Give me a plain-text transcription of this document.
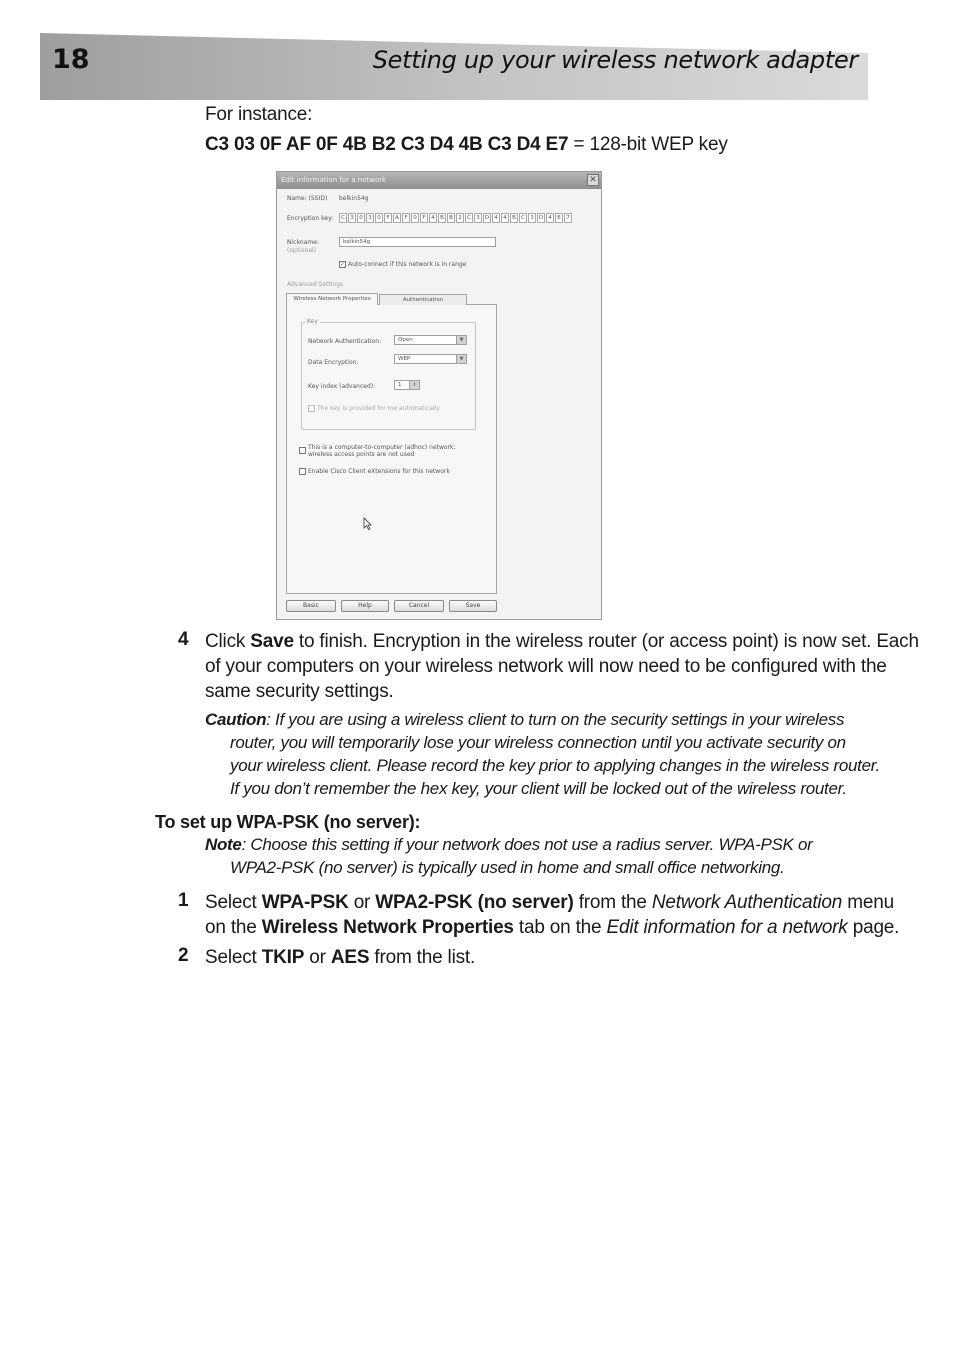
18	Setting up your wireless network adapter
For instance:
C3 03 0F AF 0F 4B B2 C3 D4 4B C3 D4 E7 = 128-bit WEP key
Edit information for a network	✕
Name: (SSID) belkin54g
Encryption key:	C 3	0	3	0	F	A	F	0	F	4 B B 2 C 3 D 4	4 B C 3 D 4	E	7
Nickname:
(optional)
belkin54g
✓ Auto-connect if this network is in range
Advanced Settings
Wireless Network Properties	Authentication
Key
Network Authentication:	Open	▼
Data Encryption:	WEP	▼
Key index (advanced):	1	⇕
The key is provided for me automatically
This is a computer-to-computer (adhoc) network;
wireless access points are not used
Enable Cisco Client eXtensions for this network
Basic	Help	Cancel	Save
4 Click Save to finish. Encryption in the wireless router (or access point) is now set. Each
of your computers on your wireless network will now need to be configured with the
same security settings.
Caution: If you are using a wireless client to turn on the security settings in your wireless
router, you will temporarily lose your wireless connection until you activate security on
your wireless client. Please record the key prior to applying changes in the wireless router.
If you don’t remember the hex key, your client will be locked out of the wireless router.
To set up WPA-PSK (no server):
Note: Choose this setting if your network does not use a radius server. WPA-PSK or
WPA2-PSK (no server) is typically used in home and small office networking.
1 Select WPA-PSK or WPA2-PSK (no server) from the Network Authentication menu
on the Wireless Network Properties tab on the Edit information for a network page.
2 Select TKIP or AES from the list.
